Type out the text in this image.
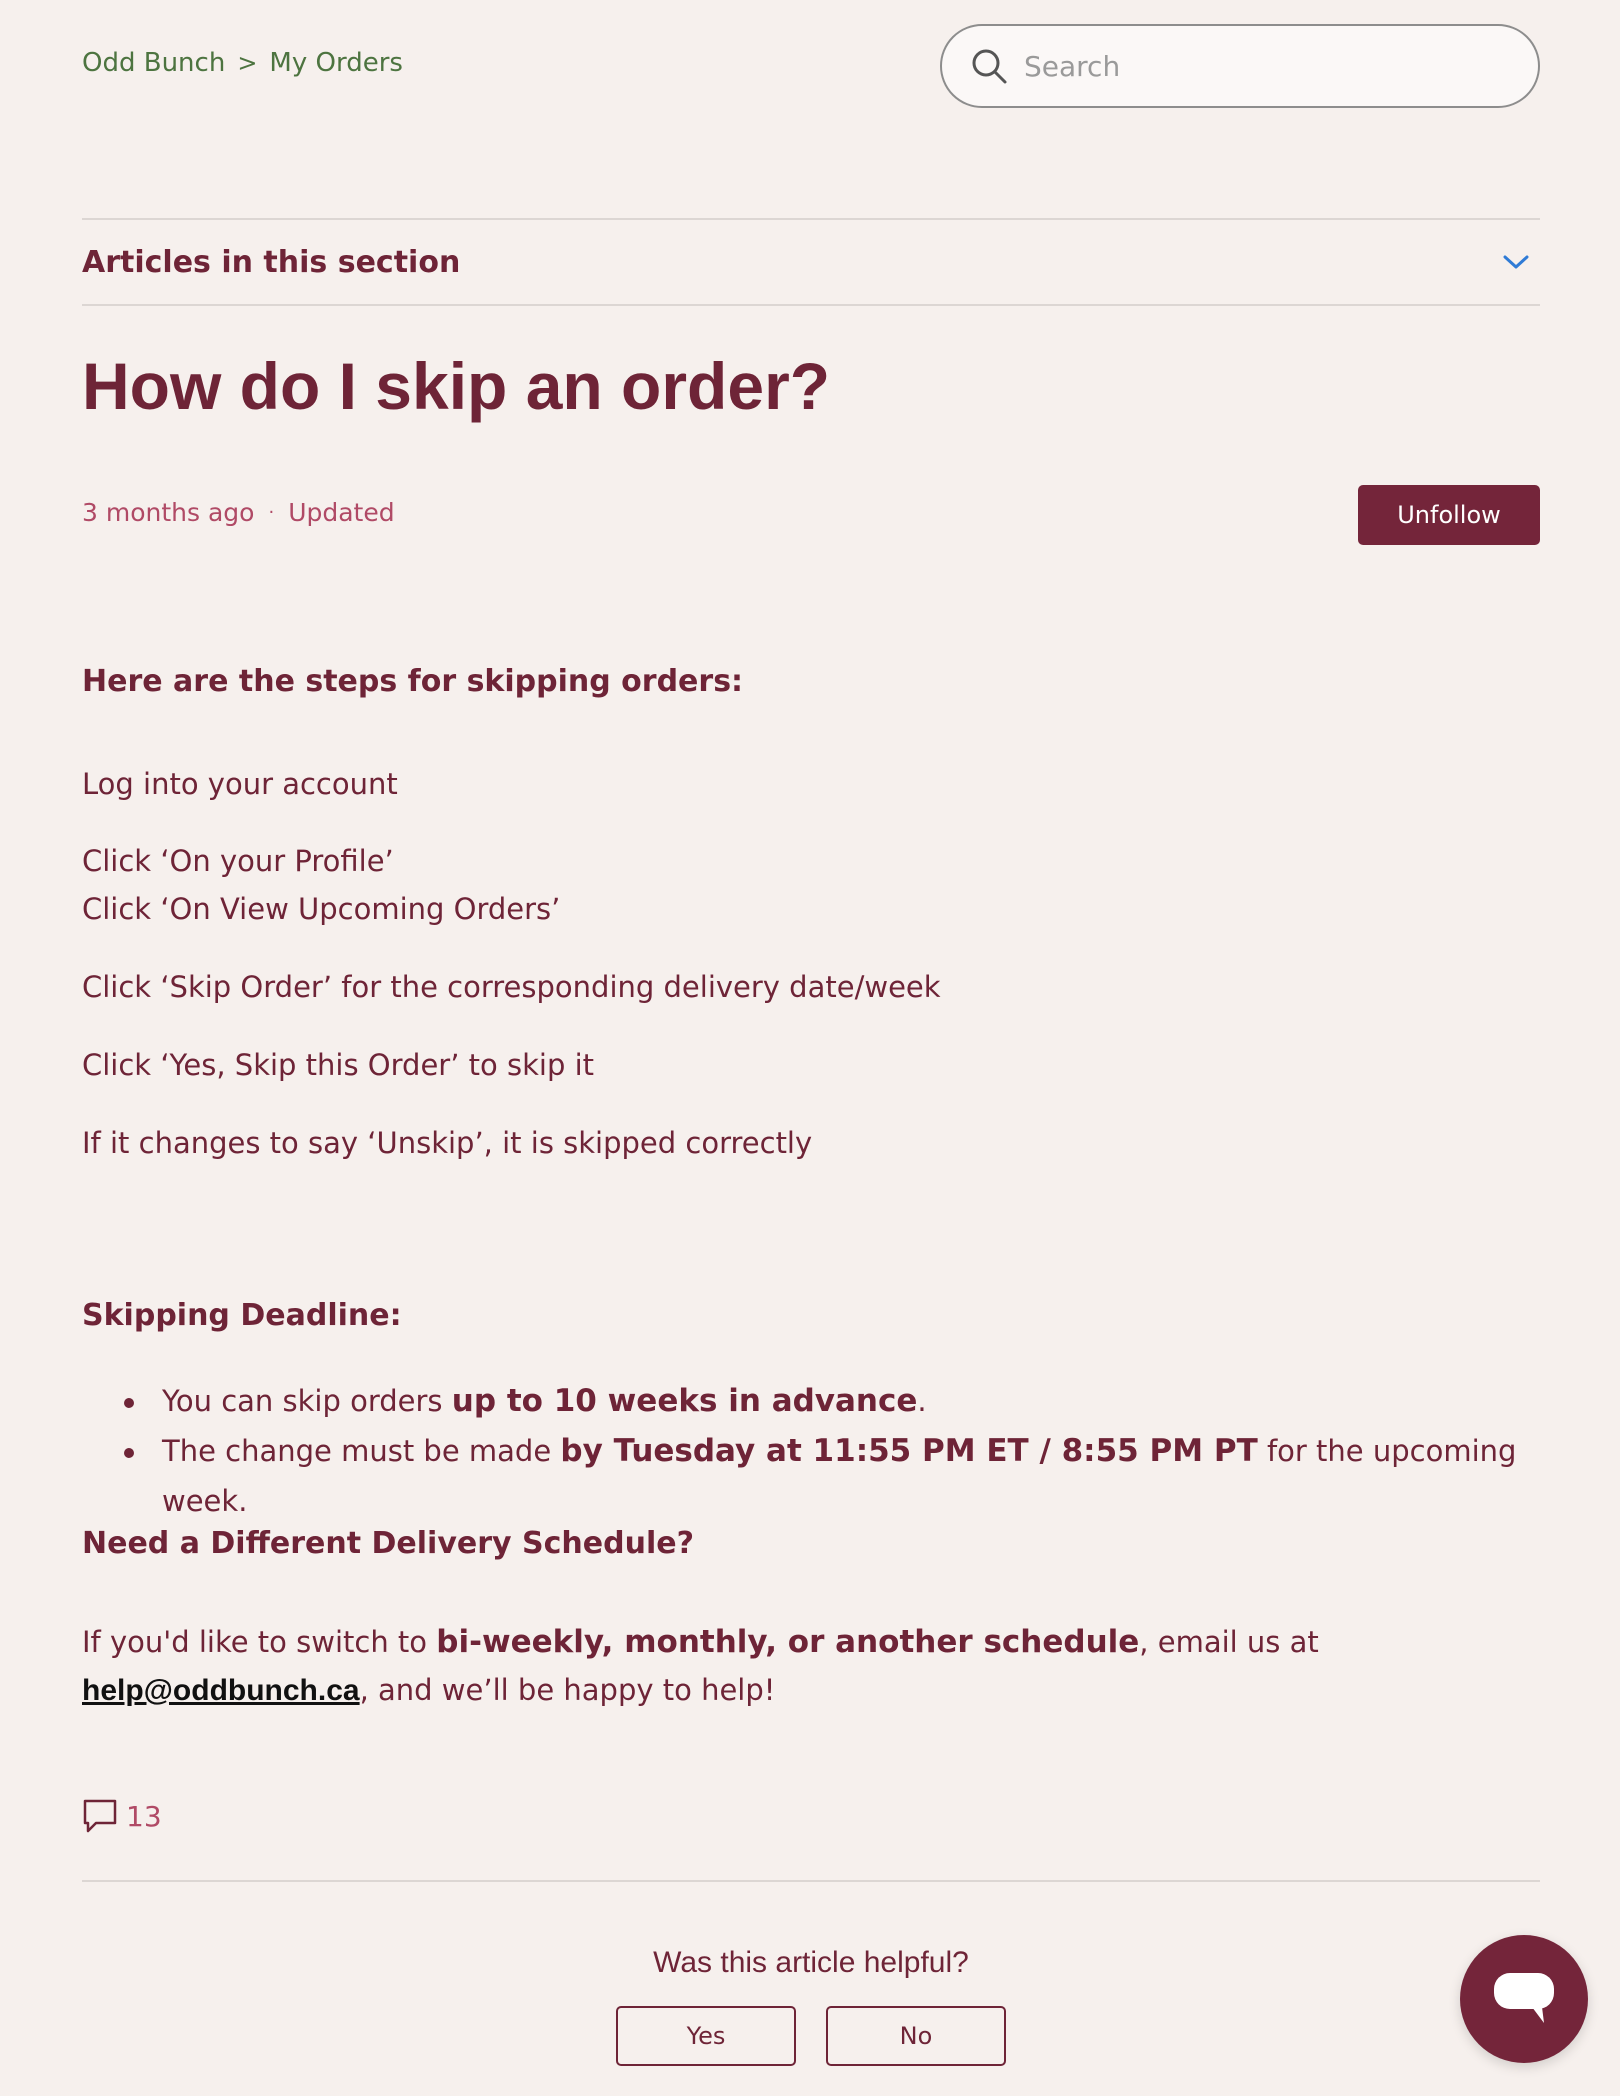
Odd Bunch > My Orders
Search
Articles in this section
How do I skip an order?
3 months ago · Updated	Unfollow
Here are the steps for skipping orders:

Log into your account

Click ‘On your Profile’

Click ‘On View Upcoming Orders’

Click ‘Skip Order’ for the corresponding delivery date/week

Click ‘Yes, Skip this Order’ to skip it

If it changes to say ‘Unskip’, it is skipped correctly

Skipping Deadline:
You can skip orders up to 10 weeks in advance.
The change must be made by Tuesday at 11:55 PM ET / 8:55 PM PT for the upcoming week.
Need a Different Delivery Schedule?

If you'd like to switch to bi-weekly, monthly, or another schedule, email us at help@oddbunch.ca, and we’ll be happy to help!

13
Was this article helpful?
Yes	No
